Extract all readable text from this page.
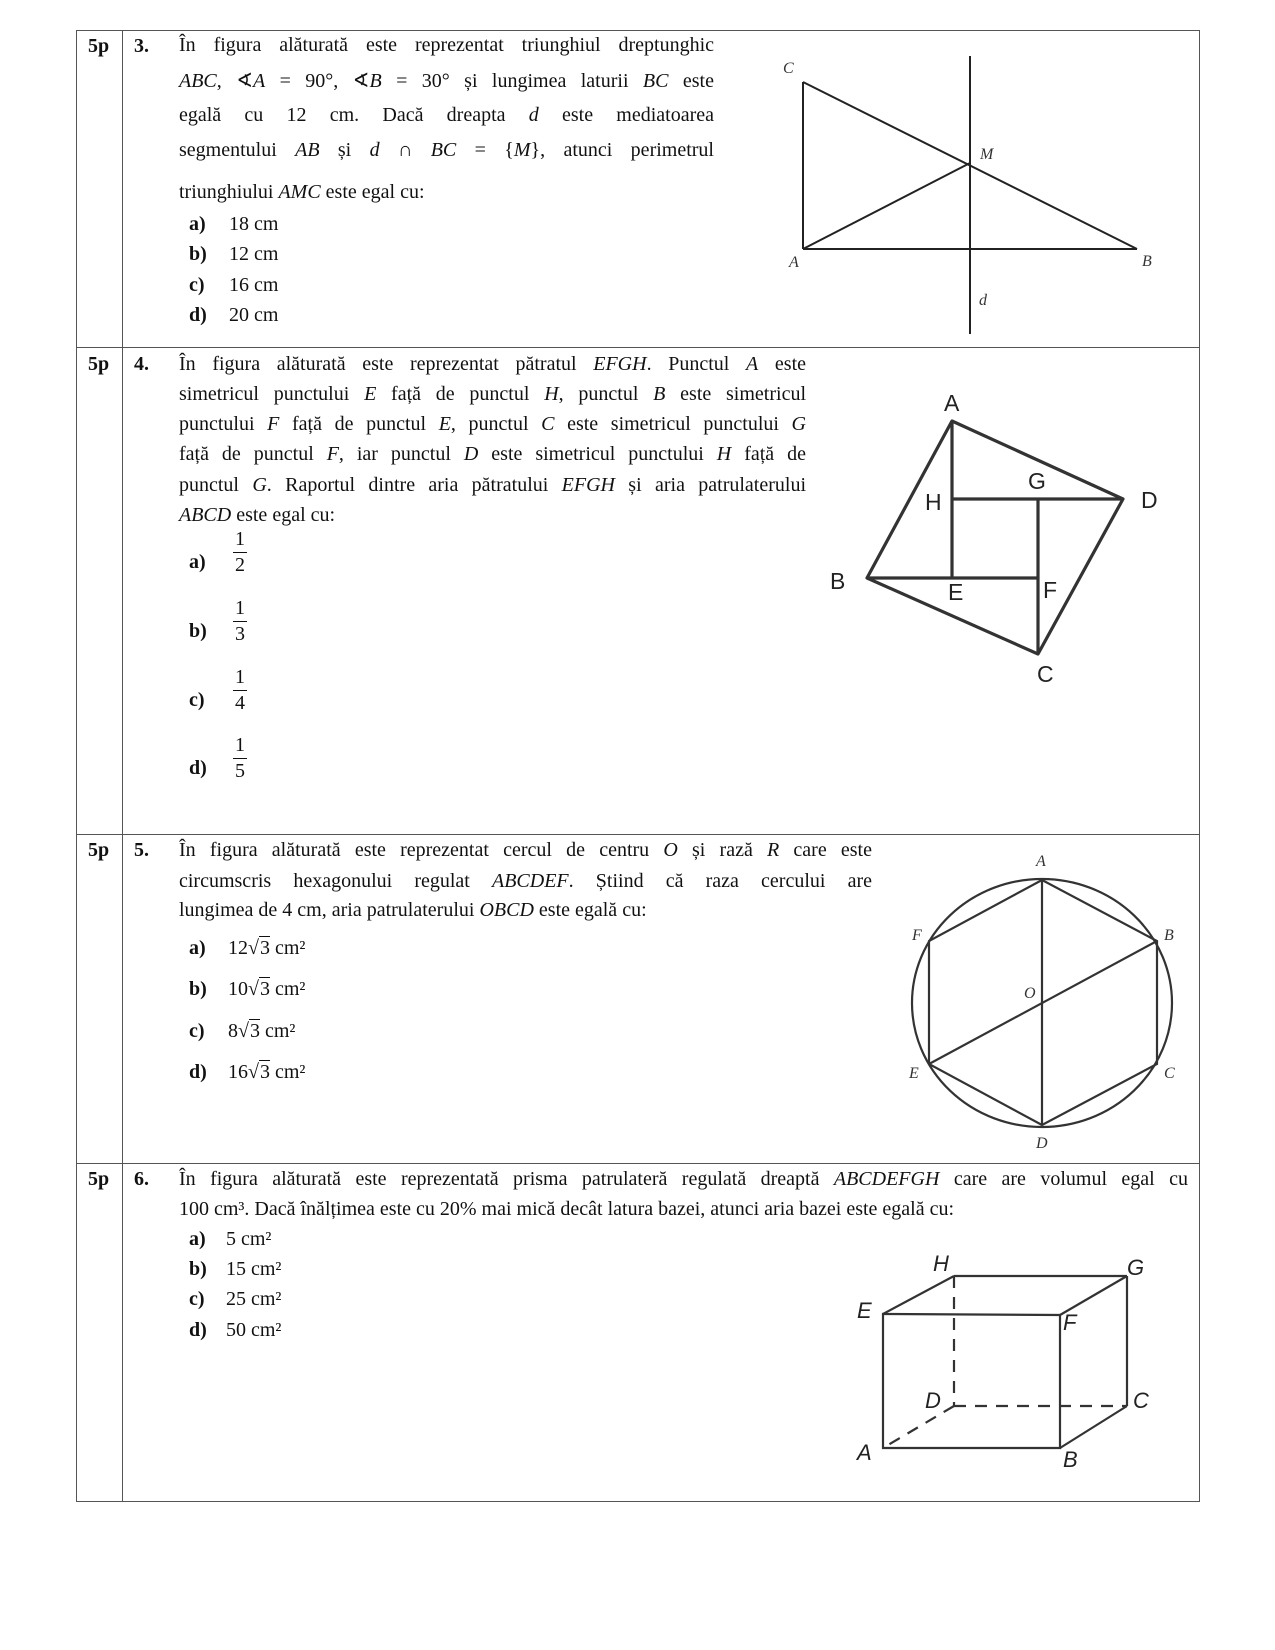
5p 3. În figura alăturată este reprezentat triunghiul dreptunghic
ABC, ∢A = 90°, ∢B = 30° și lungimea laturii BC este
egală cu 12 cm. Dacă dreapta d este mediatoarea
segmentului AB și d ∩ BC = {M}, atunci perimetrul
triunghiului AMC este egal cu:
a) 18 cm
b) 12 cm
c) 16 cm
d) 20 cm
C
M
A	B
d
5p 4. În figura alăturată este reprezentat pătratul EFGH. Punctul A este
simetricul punctului E față de punctul H, punctul B este simetricul
punctului F față de punctul E, punctul C este simetricul punctului G
față de punctul F, iar punctul D este simetricul punctului H față de
punctul G. Raportul dintre aria pătratului EFGH și aria patrulaterului
ABCD este egal cu:
a)
1
2
b)
1
3
c)
1
4
d)
1
5
A
G
D
H
B	E	F
C
5p 5. În figura alăturată este reprezentat cercul de centru O și rază R care este
circumscris hexagonului regulat ABCDEF. Știind că raza cercului are
lungimea de 4 cm, aria patrulaterului OBCD este egală cu:
a) 12√3 cm²
b) 10√3 cm²
c) 8√3 cm²
d) 16√3 cm²
A
B
C
D
E
F
O
5p 6. În figura alăturată este reprezentată prisma patrulateră regulată dreaptă ABCDEFGH care are volumul egal cu
100 cm³. Dacă înălțimea este cu 20% mai mică decât latura bazei, atunci aria bazei este egală cu:
a) 5 cm²
b) 15 cm²
c) 25 cm²
d) 50 cm²
H	G
E	F
D	C
A	B
